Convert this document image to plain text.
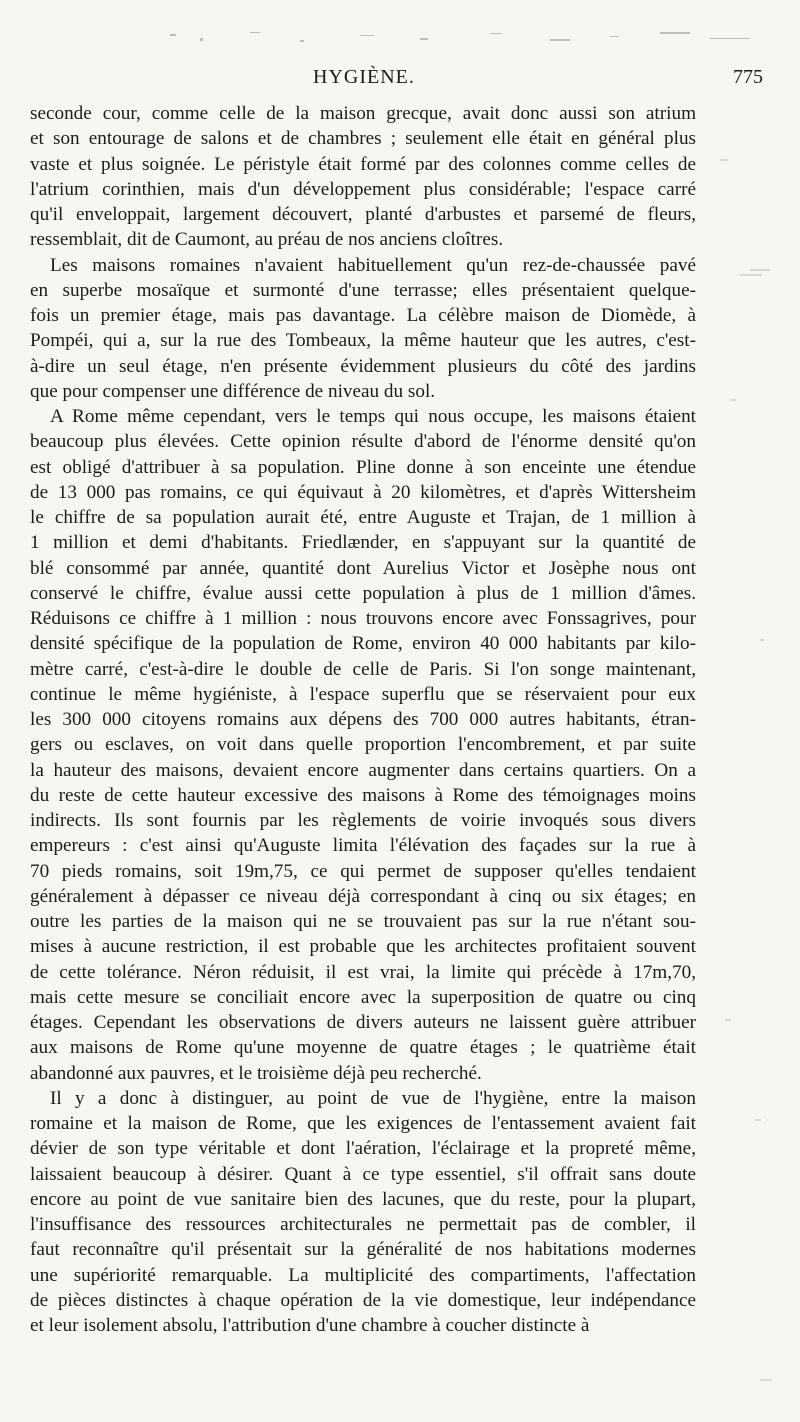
HYGIÈNE.	775
seconde cour, comme celle de la maison grecque, avait donc aussi son atrium
et son entourage de salons et de chambres ; seulement elle était en général plus
vaste et plus soignée. Le péristyle était formé par des colonnes comme celles de
l'atrium corinthien, mais d'un développement plus considérable; l'espace carré
qu'il enveloppait, largement découvert, planté d'arbustes et parsemé de fleurs,
ressemblait, dit de Caumont, au préau de nos anciens cloîtres.
Les maisons romaines n'avaient habituellement qu'un rez-de-chaussée pavé
en superbe mosaïque et surmonté d'une terrasse; elles présentaient quelque-
fois un premier étage, mais pas davantage. La célèbre maison de Diomède, à
Pompéi, qui a, sur la rue des Tombeaux, la même hauteur que les autres, c'est-
à-dire un seul étage, n'en présente évidemment plusieurs du côté des jardins
que pour compenser une différence de niveau du sol.
A Rome même cependant, vers le temps qui nous occupe, les maisons étaient
beaucoup plus élevées. Cette opinion résulte d'abord de l'énorme densité qu'on
est obligé d'attribuer à sa population. Pline donne à son enceinte une étendue
de 13 000 pas romains, ce qui équivaut à 20 kilomètres, et d'après Wittersheim
le chiffre de sa population aurait été, entre Auguste et Trajan, de 1 million à
1 million et demi d'habitants. Friedlænder, en s'appuyant sur la quantité de
blé consommé par année, quantité dont Aurelius Victor et Josèphe nous ont
conservé le chiffre, évalue aussi cette population à plus de 1 million d'âmes.
Réduisons ce chiffre à 1 million : nous trouvons encore avec Fonssagrives, pour
densité spécifique de la population de Rome, environ 40 000 habitants par kilo-
mètre carré, c'est-à-dire le double de celle de Paris. Si l'on songe maintenant,
continue le même hygiéniste, à l'espace superflu que se réservaient pour eux
les 300 000 citoyens romains aux dépens des 700 000 autres habitants, étran-
gers ou esclaves, on voit dans quelle proportion l'encombrement, et par suite
la hauteur des maisons, devaient encore augmenter dans certains quartiers. On a
du reste de cette hauteur excessive des maisons à Rome des témoignages moins
indirects. Ils sont fournis par les règlements de voirie invoqués sous divers
empereurs : c'est ainsi qu'Auguste limita l'élévation des façades sur la rue à
70 pieds romains, soit 19m,75, ce qui permet de supposer qu'elles tendaient
généralement à dépasser ce niveau déjà correspondant à cinq ou six étages; en
outre les parties de la maison qui ne se trouvaient pas sur la rue n'étant sou-
mises à aucune restriction, il est probable que les architectes profitaient souvent
de cette tolérance. Néron réduisit, il est vrai, la limite qui précède à 17m,70,
mais cette mesure se conciliait encore avec la superposition de quatre ou cinq
étages. Cependant les observations de divers auteurs ne laissent guère attribuer
aux maisons de Rome qu'une moyenne de quatre étages ; le quatrième était
abandonné aux pauvres, et le troisième déjà peu recherché.
Il y a donc à distinguer, au point de vue de l'hygiène, entre la maison
romaine et la maison de Rome, que les exigences de l'entassement avaient fait
dévier de son type véritable et dont l'aération, l'éclairage et la propreté même,
laissaient beaucoup à désirer. Quant à ce type essentiel, s'il offrait sans doute
encore au point de vue sanitaire bien des lacunes, que du reste, pour la plupart,
l'insuffisance des ressources architecturales ne permettait pas de combler, il
faut reconnaître qu'il présentait sur la généralité de nos habitations modernes
une supériorité remarquable. La multiplicité des compartiments, l'affectation
de pièces distinctes à chaque opération de la vie domestique, leur indépendance
et leur isolement absolu, l'attribution d'une chambre à coucher distincte à
